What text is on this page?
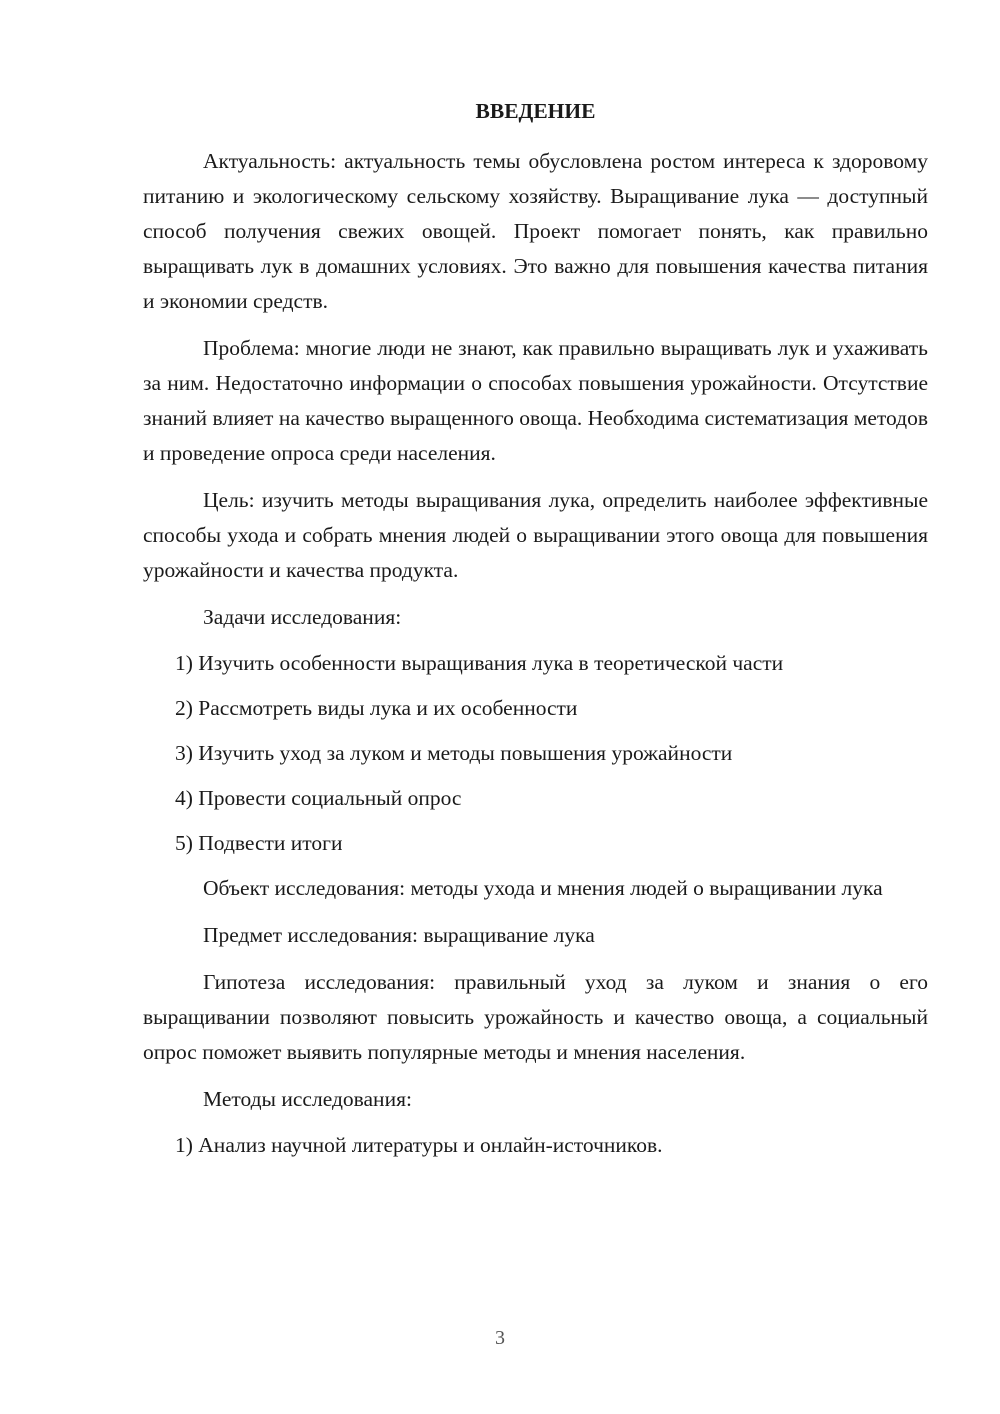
ВВЕДЕНИЕ

Актуальность: актуальность темы обусловлена ростом интереса к здоровому питанию и экологическому сельскому хозяйству. Выращивание лука — доступный способ получения свежих овощей. Проект помогает понять, как правильно выращивать лук в домашних условиях. Это важно для повышения качества питания и экономии средств.

Проблема: многие люди не знают, как правильно выращивать лук и ухаживать за ним. Недостаточно информации о способах повышения урожайности. Отсутствие знаний влияет на качество выращенного овоща. Необходима систематизация методов и проведение опроса среди населения.

Цель: изучить методы выращивания лука, определить наиболее эффективные способы ухода и собрать мнения людей о выращивании этого овоща для повышения урожайности и качества продукта.

Задачи исследования:

1) Изучить особенности выращивания лука в теоретической части
2) Рассмотреть виды лука и их особенности
3) Изучить уход за луком и методы повышения урожайности
4) Провести социальный опрос
5) Подвести итоги

Объект исследования: методы ухода и мнения людей о выращивании лука

Предмет исследования: выращивание лука

Гипотеза исследования: правильный уход за луком и знания о его выращивании позволяют повысить урожайность и качество овоща, а социальный опрос поможет выявить популярные методы и мнения населения.

Методы исследования:

1) Анализ научной литературы и онлайн-источников.
3
